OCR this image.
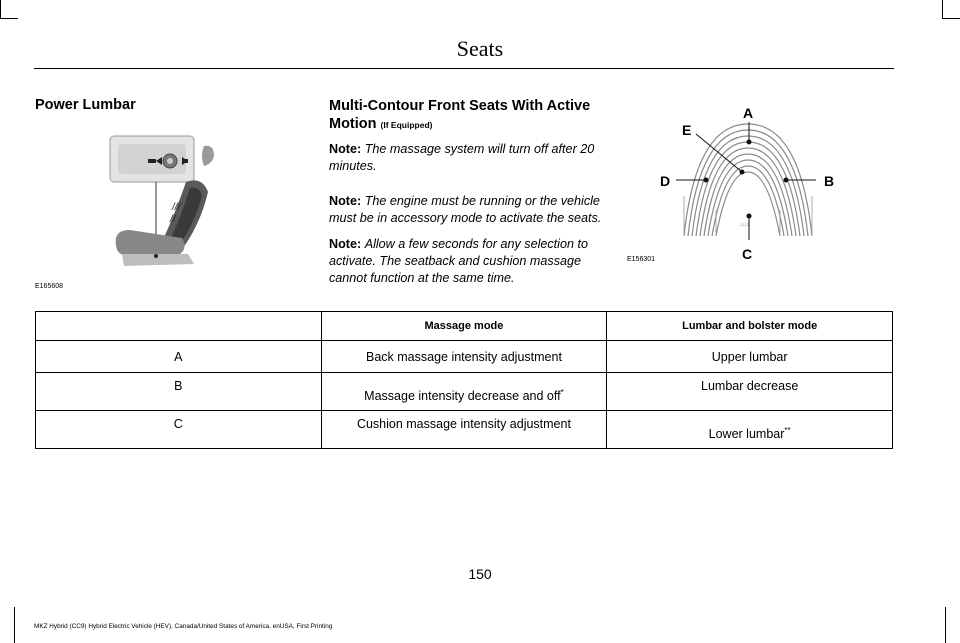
Seats
Power Lumbar
///
//
E165608
Multi-Contour Front Seats With Active Motion (If Equipped)
Note: The massage system will turn off after 20 minutes.
Note: The engine must be running or the vehicle must be in accessory mode to activate the seats.
Note: Allow a few seconds for any selection to activate. The seatback and cushion massage cannot function at the same time.
-2 | 3-
A
E
B
D
C
E156301
	Massage mode	Lumbar and bolster mode
A	Back massage intensity adjustment	Upper lumbar
B	Massage intensity decrease and off*	Lumbar decrease
C	Cushion massage intensity adjustment	Lower lumbar**
150
MKZ Hybrid (CC9) Hybrid Electric Vehicle (HEV), Canada/United States of America, enUSA, First Printing
